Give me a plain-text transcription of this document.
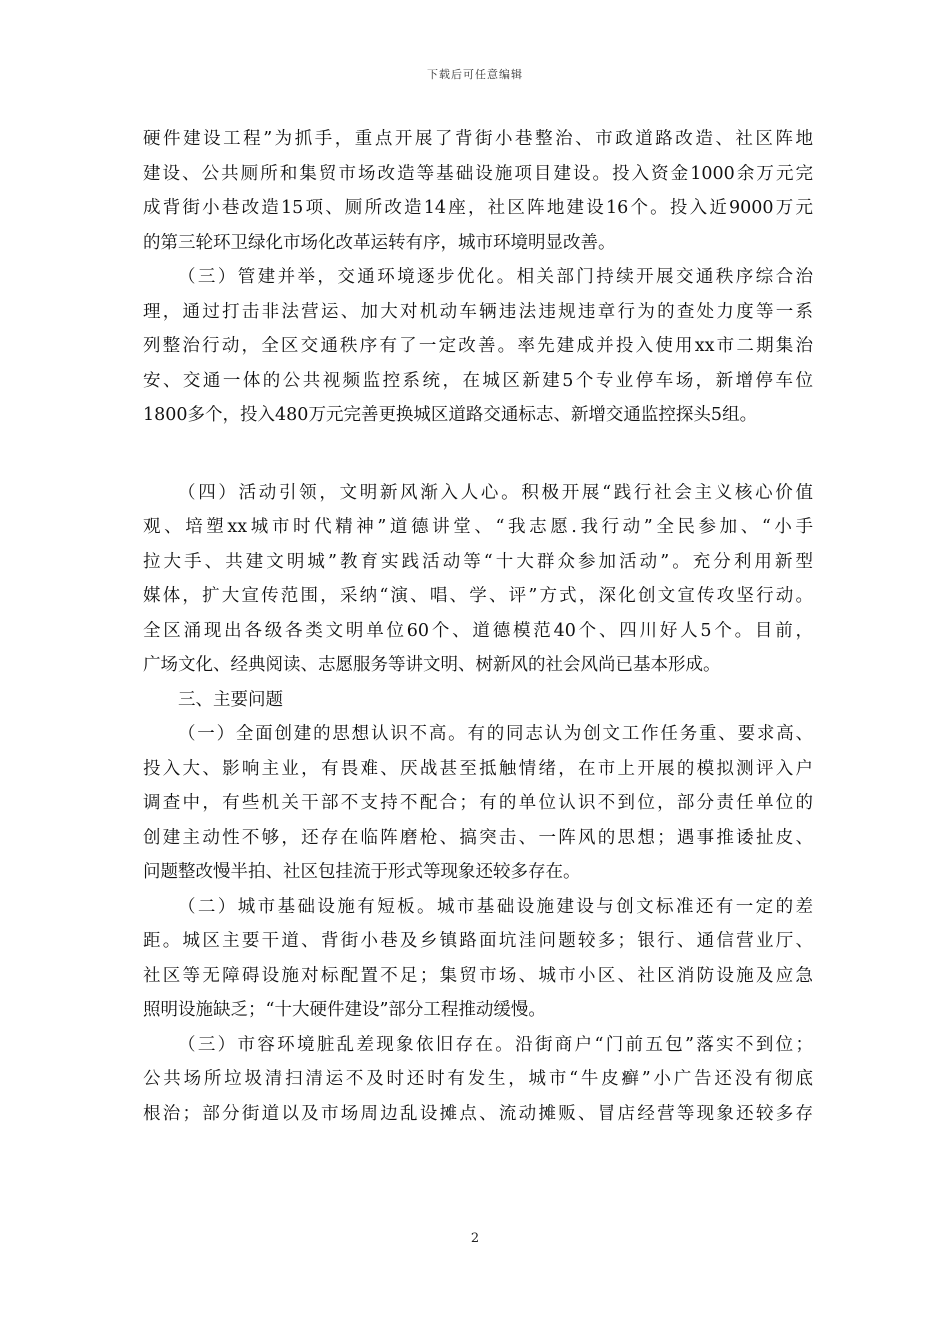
下载后可任意编辑
硬件建设工程”为抓手，重点开展了背街小巷整治、市政道路改造、社区阵地
建设、公共厕所和集贸市场改造等基础设施项目建设。投入资金1000余万元完
成背街小巷改造15项、厕所改造14座，社区阵地建设16个。投入近9000万元
的第三轮环卫绿化市场化改革运转有序，城市环境明显改善。
（三）管建并举，交通环境逐步优化。相关部门持续开展交通秩序综合治
理，通过打击非法营运、加大对机动车辆违法违规违章行为的查处力度等一系
列整治行动，全区交通秩序有了一定改善。率先建成并投入使用xx市二期集治
安、交通一体的公共视频监控系统，在城区新建5个专业停车场，新增停车位
1800多个，投入480万元完善更换城区道路交通标志、新增交通监控探头5组。
（四）活动引领，文明新风渐入人心。积极开展“践行社会主义核心价值
观、培塑xx城市时代精神”道德讲堂、“我志愿.我行动”全民参加、“小手
拉大手、共建文明城”教育实践活动等“十大群众参加活动”。充分利用新型
媒体，扩大宣传范围，采纳“演、唱、学、评”方式，深化创文宣传攻坚行动。
全区涌现出各级各类文明单位60个、道德模范40个、四川好人5个。目前，
广场文化、经典阅读、志愿服务等讲文明、树新风的社会风尚已基本形成。
三、主要问题
（一）全面创建的思想认识不高。有的同志认为创文工作任务重、要求高、
投入大、影响主业，有畏难、厌战甚至抵触情绪，在市上开展的模拟测评入户
调查中，有些机关干部不支持不配合；有的单位认识不到位，部分责任单位的
创建主动性不够，还存在临阵磨枪、搞突击、一阵风的思想；遇事推诿扯皮、
问题整改慢半拍、社区包挂流于形式等现象还较多存在。
（二）城市基础设施有短板。城市基础设施建设与创文标准还有一定的差
距。城区主要干道、背街小巷及乡镇路面坑洼问题较多；银行、通信营业厅、
社区等无障碍设施对标配置不足；集贸市场、城市小区、社区消防设施及应急
照明设施缺乏；“十大硬件建设”部分工程推动缓慢。
（三）市容环境脏乱差现象依旧存在。沿街商户“门前五包”落实不到位；
公共场所垃圾清扫清运不及时还时有发生，城市“牛皮癣”小广告还没有彻底
根治；部分街道以及市场周边乱设摊点、流动摊贩、冒店经营等现象还较多存
2
